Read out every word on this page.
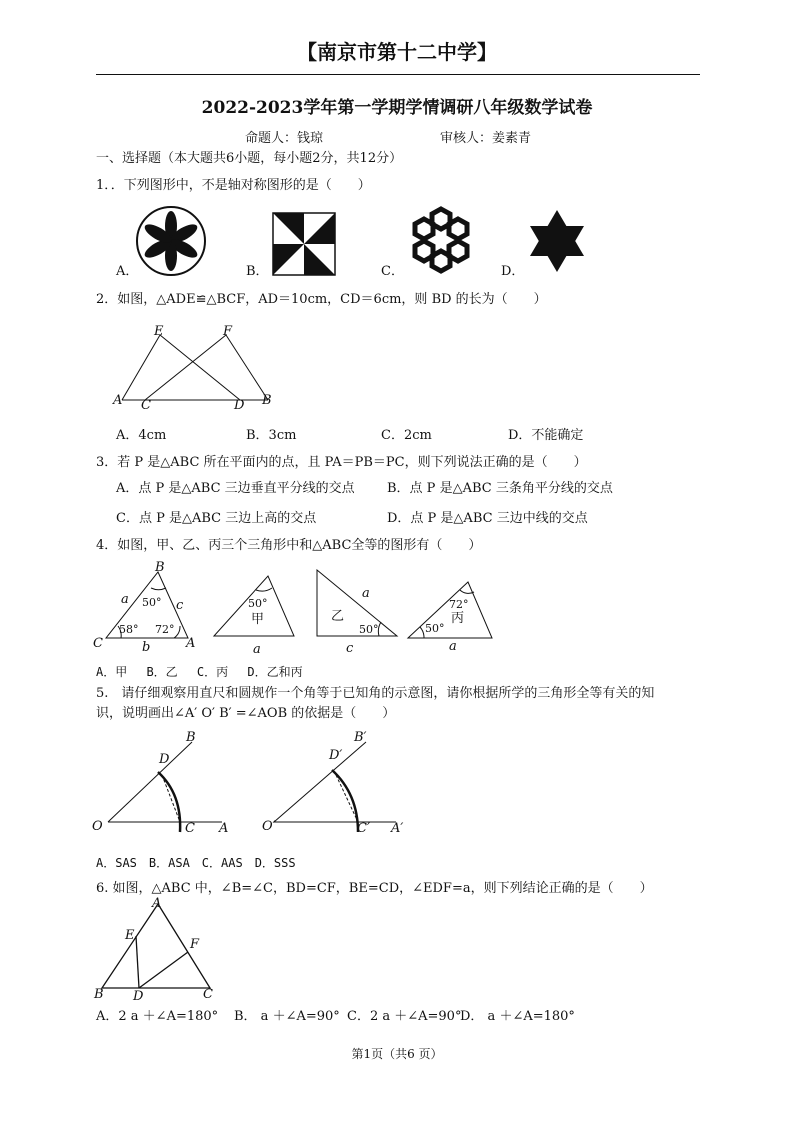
【南京市第十二中学】
2022-2023学年第一学期学情调研八年级数学试卷
命题人：钱琼	审核人：姜素青
一、选择题（本大题共6小题，每小题2分，共12分）
1．．下列图形中，不是轴对称图形的是（　　）
A．	B．	C．	D．
2．如图，△ADE≌△BCF，AD＝10cm，CD＝6cm，则 BD 的长为（　　）
E	F
A C	D B
A．4cm	B．3cm	C．2cm	D．不能确定
3．若 P 是△ABC 所在平面内的点，且 PA＝PB＝PC，则下列说法正确的是（　　）
A．点 P 是△ABC 三边垂直平分线的交点 B．点 P 是△ABC 三条角平分线的交点
C．点 P 是△ABC 三边上高的交点	D．点 P 是△ABC 三边中线的交点
4．如图，甲、乙、丙三个三角形中和△ABC全等的图形有（　　）
B
C	A
a	c
b
50°
58° 72°
50°
甲
a
a
乙
50°
c
72°
丙
50°
a
A．甲　 B．乙　 C．丙　 D．乙和丙
5.　请仔细观察用直尺和圆规作一个角等于已知角的示意图，请你根据所学的三角形全等有关的知
识，说明画出∠A′ O′ B′ =∠AOB 的依据是（　　）
O
D
B
C A	O′
D′
B′
C′ A′
A．SAS　B．ASA　C．AAS　D．SSS
6. 如图，△ABC 中，∠B=∠C，BD=CF，BE=CD，∠EDF=a，则下列结论正确的是（　　）
A
E
F
B D	C
A．2 a ＋∠A=180° B． a ＋∠A=90° C．2 a ＋∠A=90°
D． a ＋∠A=180°
第1页（共6 页）
